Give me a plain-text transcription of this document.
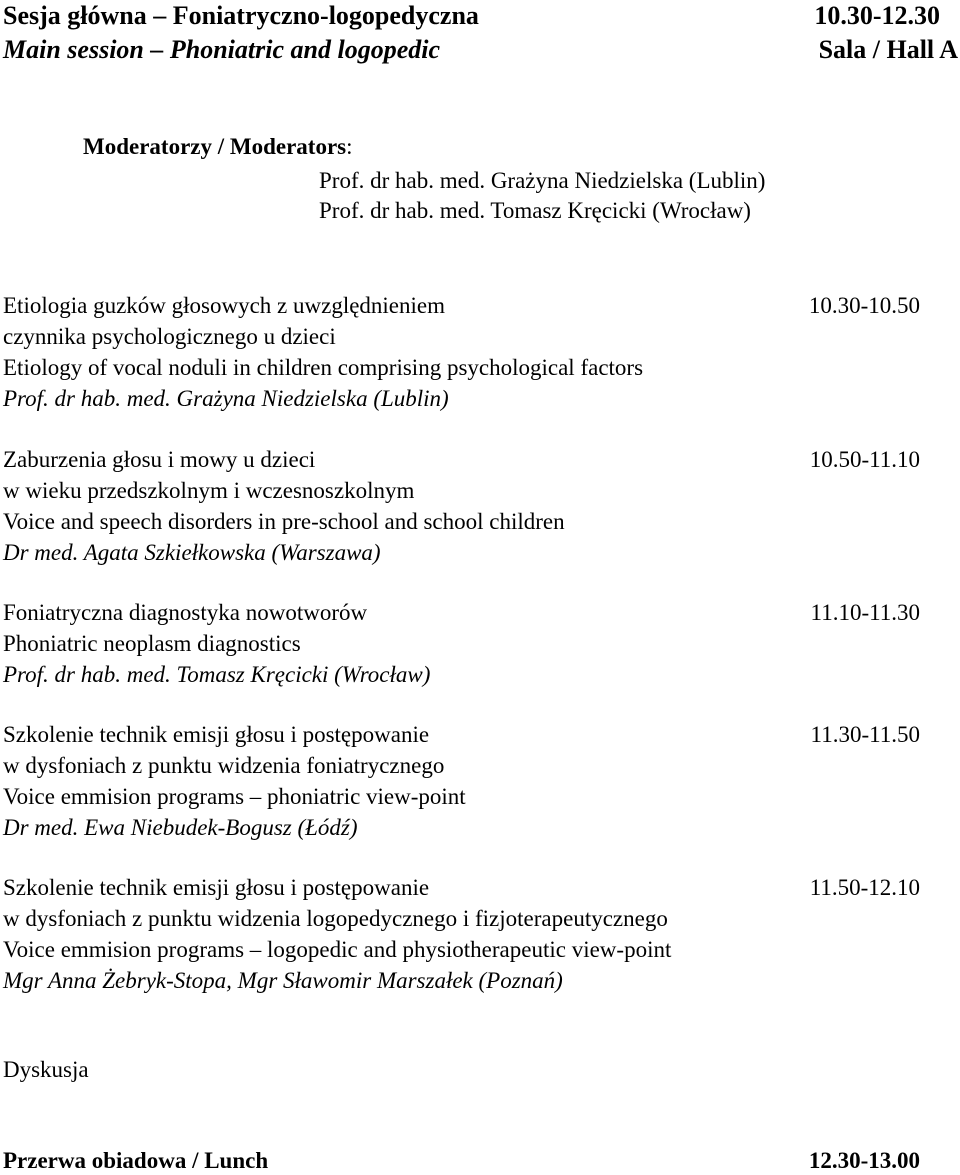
Sesja główna – Foniatryczno-logopedyczna	10.30-12.30
Main session – Phoniatric and logopedic	Sala / Hall A
Moderatorzy / Moderators:
Prof. dr hab. med. Grażyna Niedzielska (Lublin)
Prof. dr hab. med. Tomasz Kręcicki (Wrocław)
Etiologia guzków głosowych z uwzględnieniem	10.30-10.50
czynnika psychologicznego u dzieci
Etiology of vocal noduli in children comprising psychological factors
Prof. dr hab. med. Grażyna Niedzielska (Lublin)
Zaburzenia głosu i mowy u dzieci	10.50-11.10
w wieku przedszkolnym i wczesnoszkolnym
Voice and speech disorders in pre-school and school children
Dr med. Agata Szkiełkowska (Warszawa)
Foniatryczna diagnostyka nowotworów	11.10-11.30
Phoniatric neoplasm diagnostics
Prof. dr hab. med. Tomasz Kręcicki (Wrocław)
Szkolenie technik emisji głosu i postępowanie	11.30-11.50
w dysfoniach z punktu widzenia foniatrycznego
Voice emmision programs – phoniatric view-point
Dr med. Ewa Niebudek-Bogusz (Łódź)
Szkolenie technik emisji głosu i postępowanie	11.50-12.10
w dysfoniach z punktu widzenia logopedycznego i fizjoterapeutycznego
Voice emmision programs – logopedic and physiotherapeutic view-point
Mgr Anna Żebryk-Stopa, Mgr Sławomir Marszałek (Poznań)
Dyskusja
Przerwa obiadowa / Lunch	12.30-13.00
